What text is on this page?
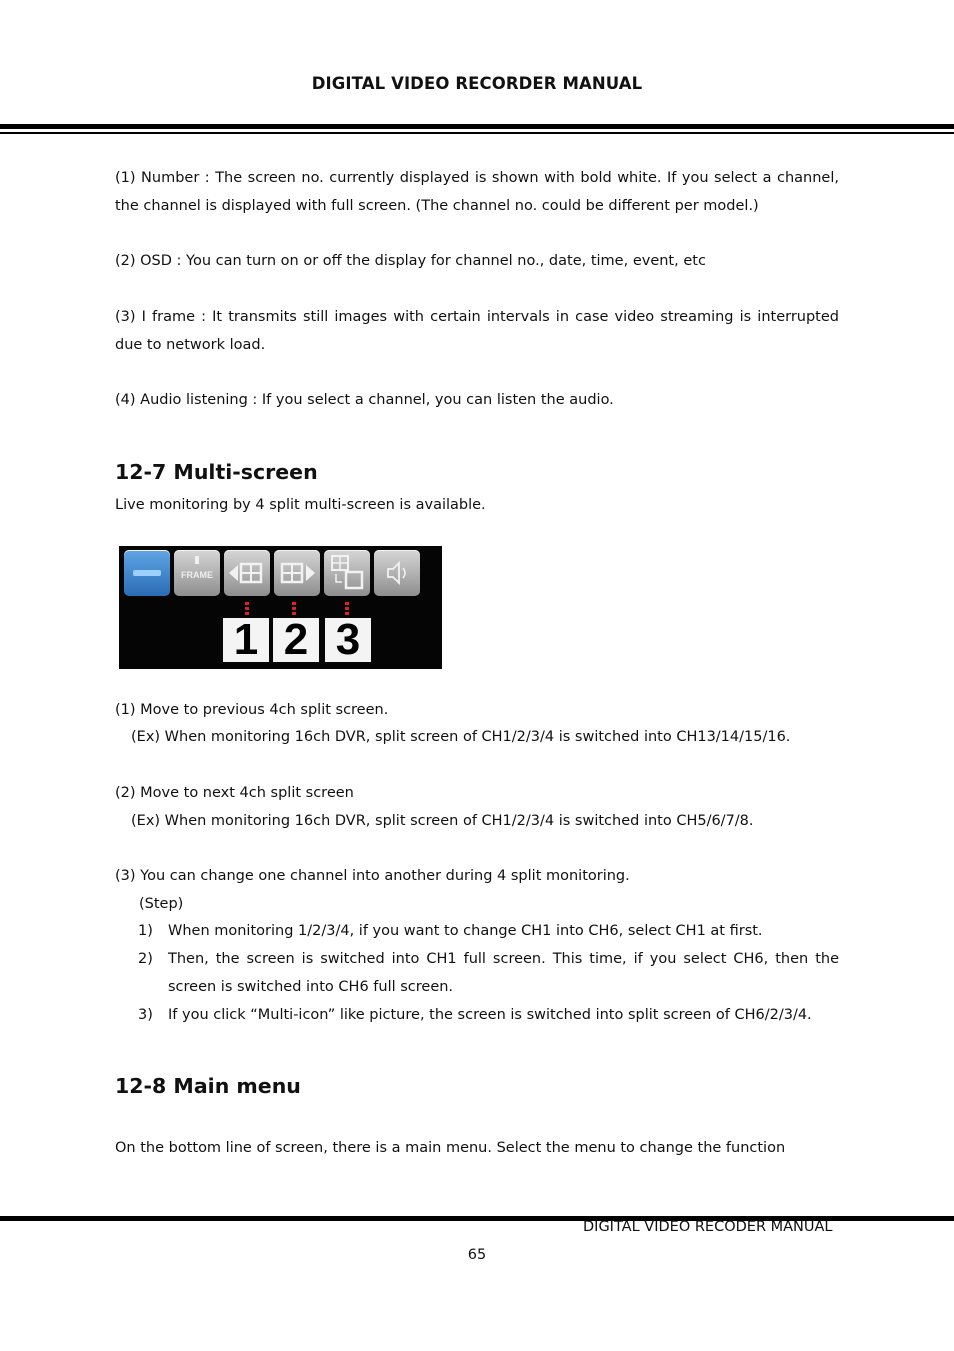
DIGITAL VIDEO RECORDER MANUAL

(1) Number : The screen no. currently displayed is shown with bold white. If you select a channel, the channel is displayed with full screen. (The channel no. could be different per model.)

(2) OSD : You can turn on or off the display for channel no., date, time, event, etc

(3) I frame : It transmits still images with certain intervals in case video streaming is interrupted due to network load.

(4) Audio listening : If you select a channel, you can listen the audio.

12-7 Multi-screen
Live monitoring by 4 split multi-screen is available.
FRAME
1 2 3
(1) Move to previous 4ch split screen.
(Ex) When monitoring 16ch DVR, split screen of CH1/2/3/4 is switched into CH13/14/15/16.
(2) Move to next 4ch split screen
(Ex) When monitoring 16ch DVR, split screen of CH1/2/3/4 is switched into CH5/6/7/8.
(3) You can change one channel into another during 4 split monitoring.
(Step)
1) When monitoring 1/2/3/4, if you want to change CH1 into CH6, select CH1 at first.

2) Then, the screen is switched into CH1 full screen. This time, if you select CH6, then the screen is switched into CH6 full screen.

3) If you click “Multi-icon” like picture, the screen is switched into split screen of CH6/2/3/4.

12-8 Main menu
On the bottom line of screen, there is a main menu. Select the menu to change the function
DIGITAL VIDEO RECODER MANUAL
65
